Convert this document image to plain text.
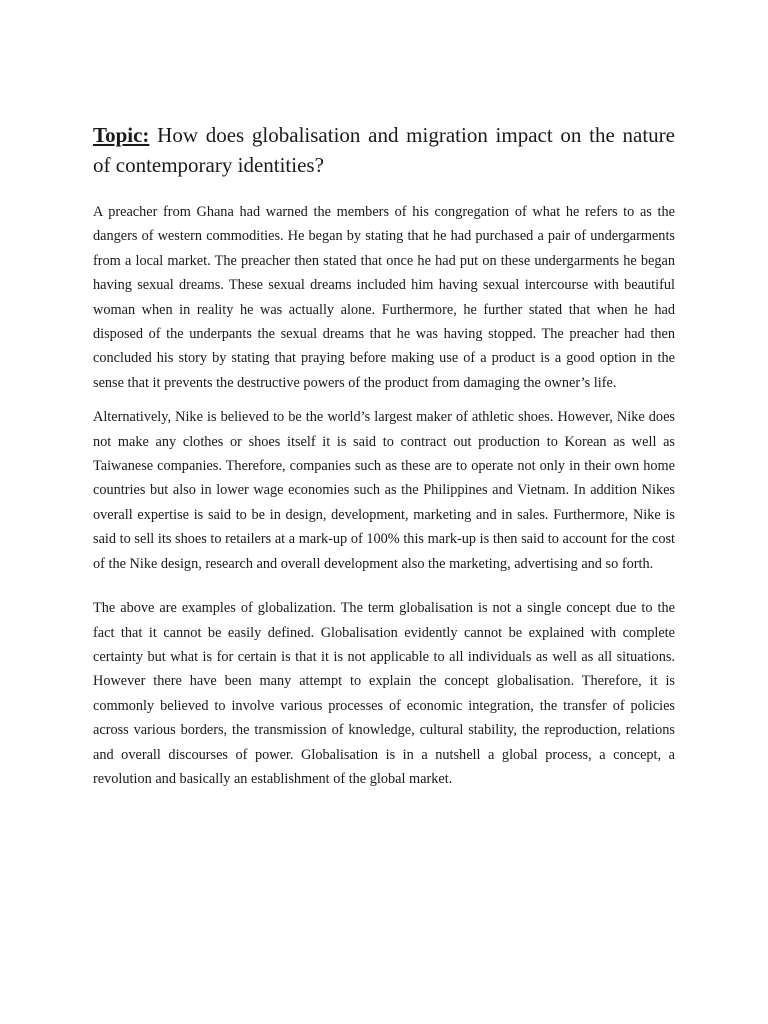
Topic: How does globalisation and migration impact on the nature of contemporary identities?

A preacher from Ghana had warned the members of his congregation of what he refers to as the dangers of western commodities. He began by stating that he had purchased a pair of undergarments from a local market. The preacher then stated that once he had put on these undergarments he began having sexual dreams. These sexual dreams included him having sexual intercourse with beautiful woman when in reality he was actually alone. Furthermore, he further stated that when he had disposed of the underpants the sexual dreams that he was having stopped. The preacher had then concluded his story by stating that praying before making use of a product is a good option in the sense that it prevents the destructive powers of the product from damaging the owner’s life.

Alternatively, Nike is believed to be the world’s largest maker of athletic shoes. However, Nike does not make any clothes or shoes itself it is said to contract out production to Korean as well as Taiwanese companies. Therefore, companies such as these are to operate not only in their own home countries but also in lower wage economies such as the Philippines and Vietnam. In addition Nikes overall expertise is said to be in design, development, marketing and in sales. Furthermore, Nike is said to sell its shoes to retailers at a mark-up of 100% this mark-up is then said to account for the cost of the Nike design, research and overall development also the marketing, advertising and so forth.

The above are examples of globalization. The term globalisation is not a single concept due to the fact that it cannot be easily defined. Globalisation evidently cannot be explained with complete certainty but what is for certain is that it is not applicable to all individuals as well as all situations. However there have been many attempt to explain the concept globalisation. Therefore, it is commonly believed to involve various processes of economic integration, the transfer of policies across various borders, the transmission of knowledge, cultural stability, the reproduction, relations and overall discourses of power. Globalisation is in a nutshell a global process, a concept, a revolution and basically an establishment of the global market.
